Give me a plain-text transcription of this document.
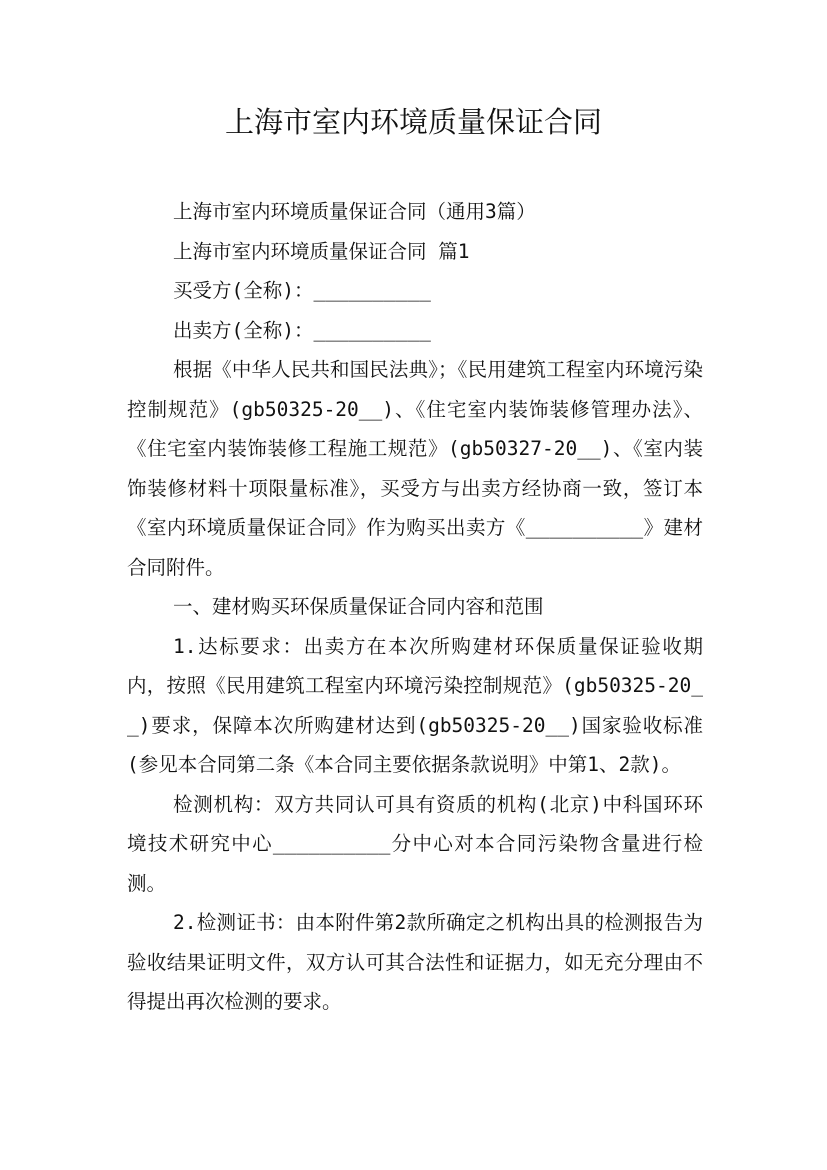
上海市室内环境质量保证合同

上海市室内环境质量保证合同（通用3篇）

上海市室内环境质量保证合同 篇1

买受方(全称)：__________

出卖方(全称)：__________

根据《中华人民共和国民法典》；《民用建筑工程室内环境污染控制规范》(gb50325-20__)、《住宅室内装饰装修管理办法》、《住宅室内装饰装修工程施工规范》(gb50327-20__)、《室内装饰装修材料十项限量标准》，买受方与出卖方经协商一致，签订本《室内环境质量保证合同》作为购买出卖方《__________》建材合同附件。

一、建材购买环保质量保证合同内容和范围

1.达标要求：出卖方在本次所购建材环保质量保证验收期内，按照《民用建筑工程室内环境污染控制规范》(gb50325-20__)要求，保障本次所购建材达到(gb50325-20__)国家验收标准(参见本合同第二条《本合同主要依据条款说明》中第1、2款)。

检测机构：双方共同认可具有资质的机构(北京)中科国环环境技术研究中心__________分中心对本合同污染物含量进行检测。

2.检测证书：由本附件第2款所确定之机构出具的检测报告为验收结果证明文件，双方认可其合法性和证据力，如无充分理由不得提出再次检测的要求。
